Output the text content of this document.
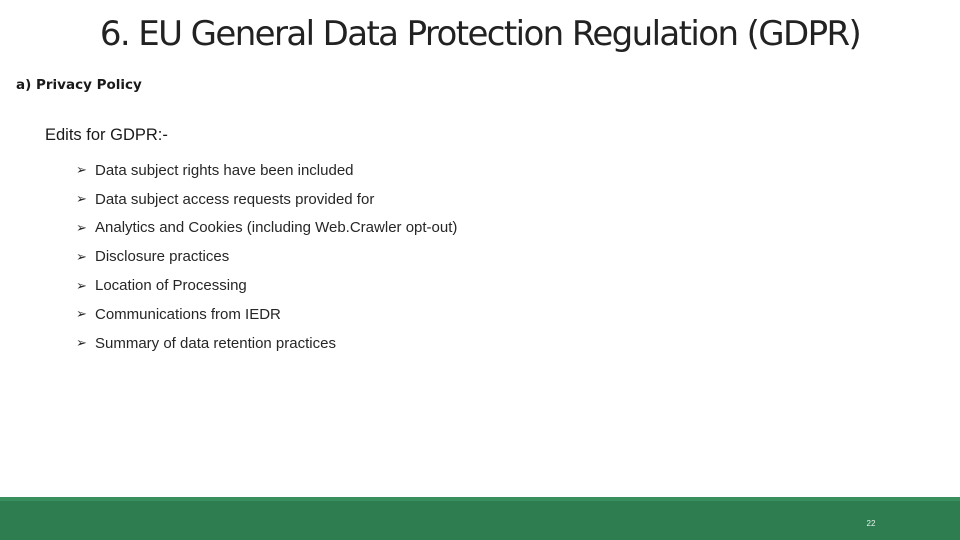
6. EU General Data Protection Regulation (GDPR)
a) Privacy Policy
Edits for GDPR:-
➢ Data subject rights have been included
➢ Data subject access requests provided for
➢ Analytics and Cookies (including Web.Crawler opt-out)
➢ Disclosure practices
➢ Location of Processing
➢ Communications from IEDR
➢ Summary of data retention practices
22
